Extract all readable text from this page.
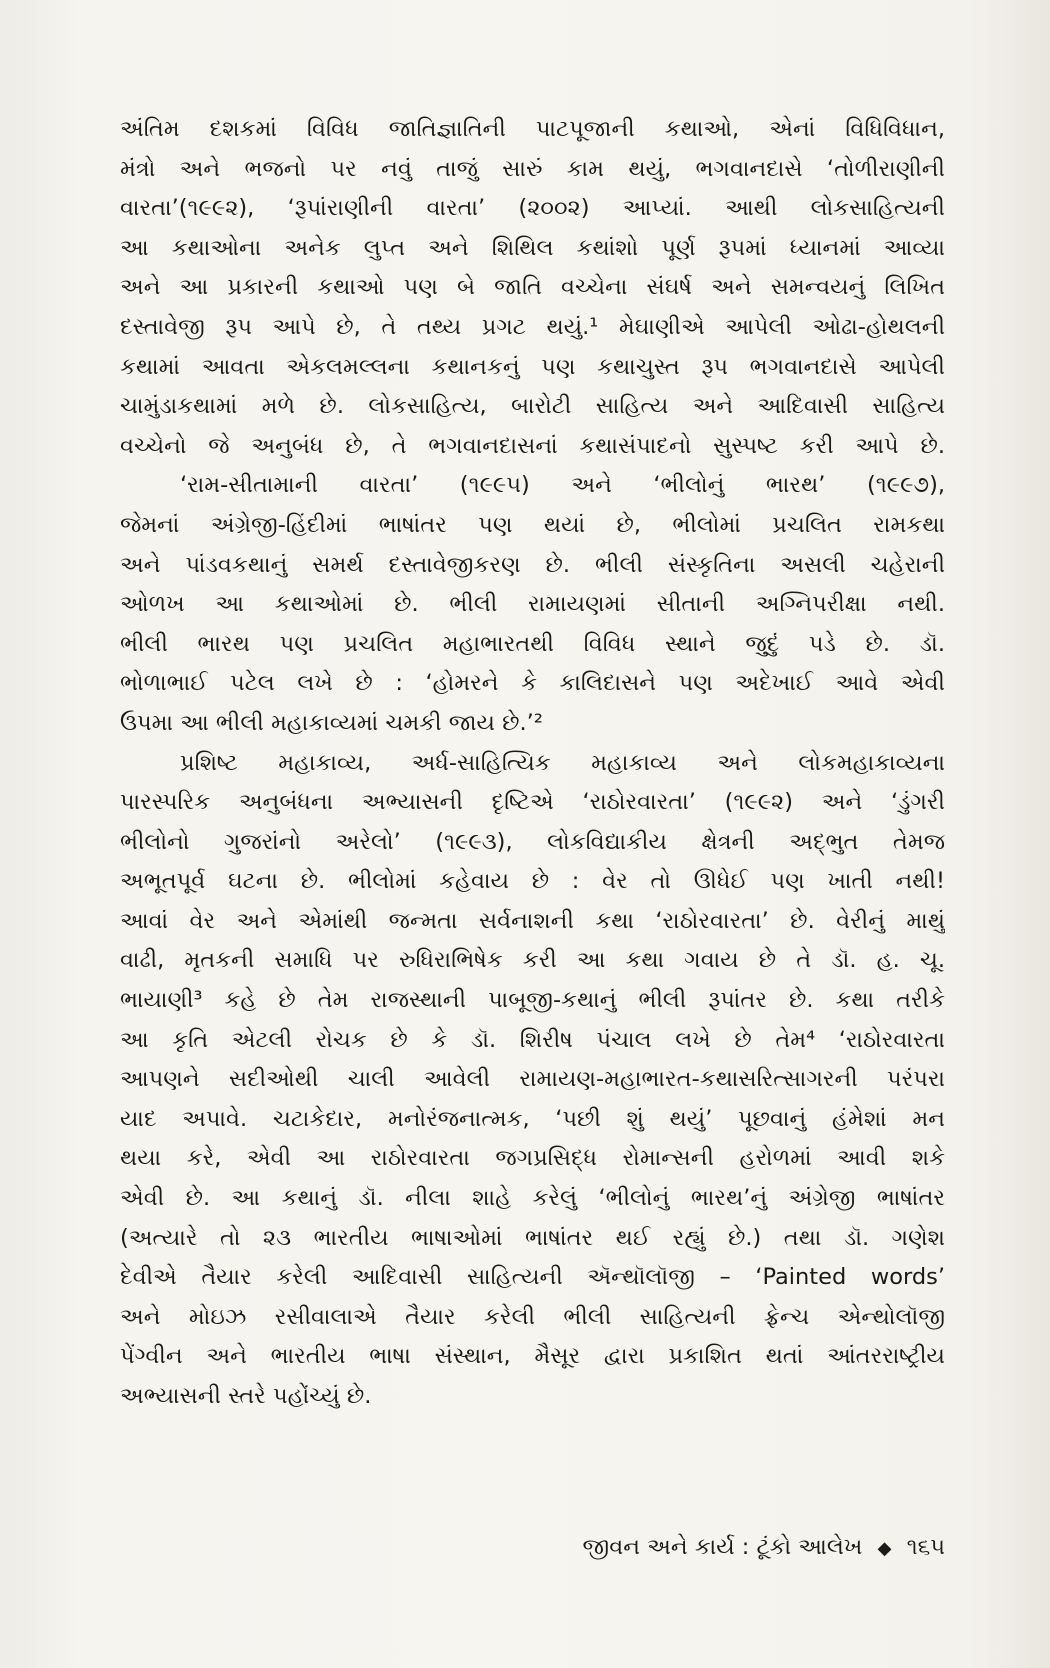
અંતિમ દશકમાં વિવિધ જાતિજ્ઞાતિની પાટપૂજાની કથાઓ, એનાં વિધિવિધાન,
મંત્રો અને ભજનો પર નવું તાજું સારું કામ થયું, ભગવાનદાસે ‘તોળીરાણીની
વારતા’(૧૯૯૨), ‘રૂપાંરાણીની વારતા’ (૨૦૦૨) આપ્યાં. આથી લોકસાહિત્યની
આ કથાઓના અનેક લુપ્ત અને શિથિલ કથાંશો પૂર્ણ રૂપમાં ધ્યાનમાં આવ્યા
અને આ પ્રકારની કથાઓ પણ બે જાતિ વચ્ચેના સંઘર્ષ અને સમન્વયનું લિખિત
દસ્તાવેજી રૂપ આપે છે, તે તથ્ય પ્રગટ થયું.¹ મેઘાણીએ આપેલી ઓઢા-હોથલની
કથામાં આવતા એકલમલ્લના કથાનકનું પણ કથાચુસ્ત રૂપ ભગવાનદાસે આપેલી
ચામુંડાકથામાં મળે છે. લોકસાહિત્ય, બારોટી સાહિત્ય અને આદિવાસી સાહિત્ય
વચ્ચેનો જે અનુબંધ છે, તે ભગવાનદાસનાં કથાસંપાદનો સુસ્પષ્ટ કરી આપે છે.
‘રામ-સીતામાની વારતા’ (૧૯૯૫) અને ‘ભીલોનું ભારથ’ (૧૯૯૭),
જેમનાં અંગ્રેજી-હિંદીમાં ભાષાંતર પણ થયાં છે, ભીલોમાં પ્રચલિત રામકથા
અને પાંડવકથાનું સમર્થ દસ્તાવેજીકરણ છે. ભીલી સંસ્કૃતિના અસલી ચહેરાની
ઓળખ આ કથાઓમાં છે. ભીલી રામાયણમાં સીતાની અગ્નિપરીક્ષા નથી.
ભીલી ભારથ પણ પ્રચલિત મહાભારતથી વિવિધ સ્થાને જુદું પડે છે. ડૉ.
ભોળાભાઈ પટેલ લખે છે : ‘હોમરને કે કાલિદાસને પણ અદેખાઈ આવે એવી
ઉપમા આ ભીલી મહાકાવ્યમાં ચમકી જાય છે.’²
પ્રશિષ્ટ મહાકાવ્ય, અર્ધ-સાહિત્યિક મહાકાવ્ય અને લોકમહાકાવ્યના
પારસ્પરિક અનુબંધના અભ્યાસની દૃષ્ટિએ ‘રાઠોરવારતા’ (૧૯૯૨) અને ‘ડુંગરી
ભીલોનો ગુજરાંનો અરેલો’ (૧૯૯૩), લોકવિદ્યાકીય ક્ષેત્રની અદ્‌ભુત તેમજ
અભૂતપૂર્વ ઘટના છે. ભીલોમાં કહેવાય છે : વેર તો ઊધેઈ પણ ખાતી નથી!
આવાં વેર અને એમાંથી જન્મતા સર્વનાશની કથા ‘રાઠોરવારતા’ છે. વેરીનું માથું
વાઢી, મૃતકની સમાધિ પર રુધિરાભિષેક કરી આ કથા ગવાય છે તે ડૉ. હ. ચૂ.
ભાયાણી³ કહે છે તેમ રાજસ્થાની પાબૂજી-કથાનું ભીલી રૂપાંતર છે. કથા તરીકે
આ કૃતિ એટલી રોચક છે કે ડૉ. શિરીષ પંચાલ લખે છે તેમ⁴ ‘રાઠોરવારતા
આપણને સદીઓથી ચાલી આવેલી રામાયણ-મહાભારત-કથાસરિત્સાગરની પરંપરા
યાદ અપાવે. ચટાકેદાર, મનોરંજનાત્મક, ‘પછી શું થયું’ પૂછવાનું હંમેશાં મન
થયા કરે, એવી આ રાઠોરવારતા જગપ્રસિદ્ધ રોમાન્સની હરોળમાં આવી શકે
એવી છે. આ કથાનું ડૉ. નીલા શાહે કરેલું ‘ભીલોનું ભારથ’નું અંગ્રેજી ભાષાંતર
(અત્યારે તો ૨૩ ભારતીય ભાષાઓમાં ભાષાંતર થઈ રહ્યું છે.) તથા ડૉ. ગણેશ
દેવીએ તૈયાર કરેલી આદિવાસી સાહિત્યની ઍન્થૉલૉજી – ‘Painted words’
અને મોઇઝ રસીવાલાએ તૈયાર કરેલી ભીલી સાહિત્યની ફ્રેન્ચ એન્થોલૉજી
પેંગ્વીન અને ભારતીય ભાષા સંસ્થાન, મૈસૂર દ્વારા પ્રકાશિત થતાં આંતરરાષ્ટ્રીય
અભ્યાસની સ્તરે પહોંચ્યું છે.
જીવન અને કાર્ય : ટૂંકો આલેખ ◆ ૧૬૫
